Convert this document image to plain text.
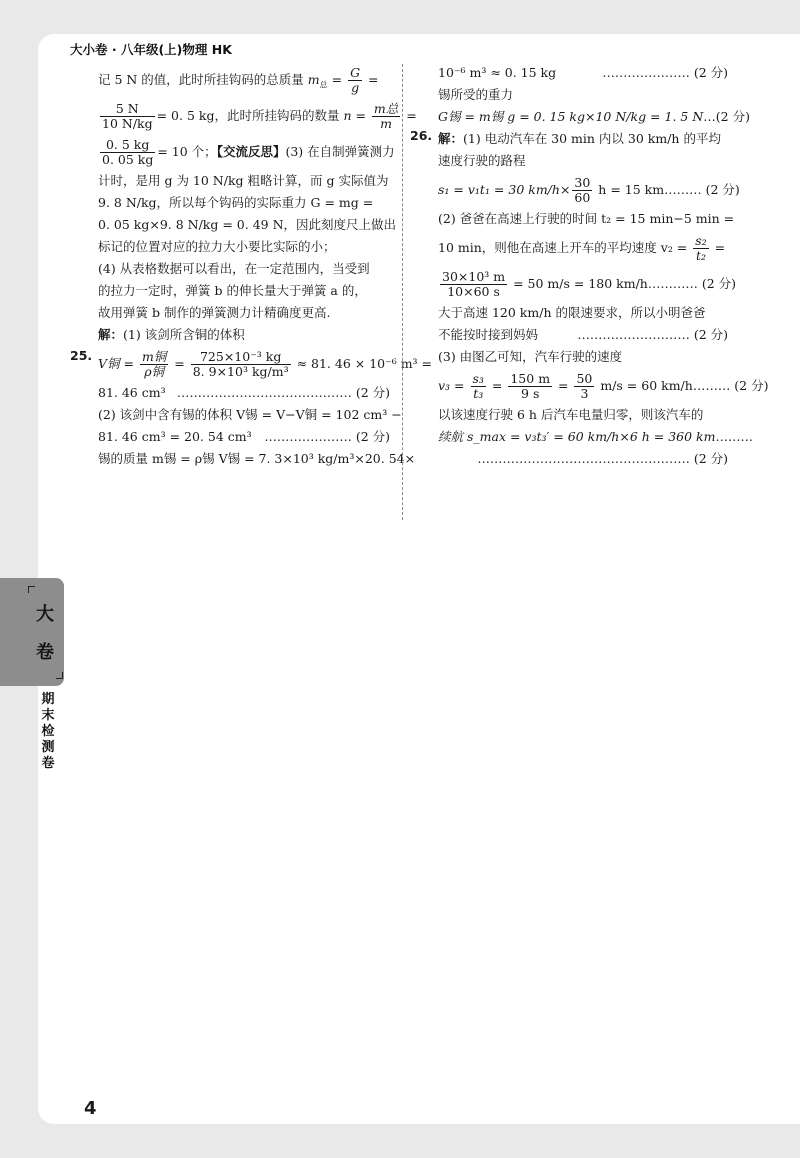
大小卷 · 八年级(上)物理 HK
记 5 N 的值，此时所挂钩码的总质量 $m_总 = \frac{G}{g}$ =
$\frac{5 N}{10 N/kg} = 0$. 5 kg，此时所挂钩码的数量 $n = \frac{\text{m总}}{m}$ =
$\frac{0. 5 kg}{0. 05 kg} = 10$ 个；【交流反思】(3) 在自制弹簧测力
计时，是用 g 为 10 N/kg 粗略计算，而 g 实际值为
9. 8 N/kg，所以每个钩码的实际重力 G = mg =
0. 05 kg×9. 8 N/kg = 0. 49 N，因此刻度尺上做出
标记的位置对应的拉力大小要比实际的小；
(4) 从表格数据可以看出，在一定范围内，当受到
的拉力一定时，弹簧 b 的伸长量大于弹簧 a 的，
故用弹簧 b 制作的弹簧测力计精确度更高.
解：(1) 该剑所含铜的体积
V铜 = $\frac{\text{m铜}}{\text{ρ铜}} = \frac{\text{725×10⁻³ kg}}{\text{8. 9×10³ kg/m³}} \approx 81$. 46 × 10⁻⁶ m³ =
81. 46 cm³ …………………………………… (2 分)
(2) 该剑中含有锡的体积 V锡 = V−V铜 = 102 cm³ −
81. 46 cm³ = 20. 54 cm³ ………………… (2 分)
锡的质量 m锡 = ρ锡 V锡 = 7. 3×10³ kg/m³×20. 54×
25.
10⁻⁶ m³ ≈ 0. 15 kg	………………… (2 分)
锡所受的重力
G锡 = m锡 g = 0. 15 kg×10 N/kg = 1. 5 N …(2 分)
解：(1) 电动汽车在 30 min 内以 30 km/h 的平均
速度行驶的路程
s₁ = v₁t₁ = 30 $km/h\times \frac{30}{60}$ h = 15 km ……… (2 分)
(2) 爸爸在高速上行驶的时间 t₂ = 15 min−5 min =
10 min，则他在高速上开车的平均速度 $v_2 = \frac{\text{s₂}}{\text{t₂}}$ =
$\frac{\text{30×10³ m}}{10\times 60 s} = 50$ m/s = 180 km/h ………… (2 分)
大于高速 120 km/h 的限速要求，所以小明爸爸
不能按时接到妈妈	……………………… (2 分)
(3) 由图乙可知，汽车行驶的速度
$v_3 = \frac{\text{s₃}}{\text{t₃}} = \frac{150 m}{9 s} = \frac{50}{3} m/s = 60$ km/h ……… (2 分)
以该速度行驶 6 h 后汽车电量归零，则该汽车的
续航 s_max = v₃t₃′ = 60 km/h×6 h = 360 km ………
…………………………………………… (2 分)
26.
大
卷
期
末
检
测
卷
4
